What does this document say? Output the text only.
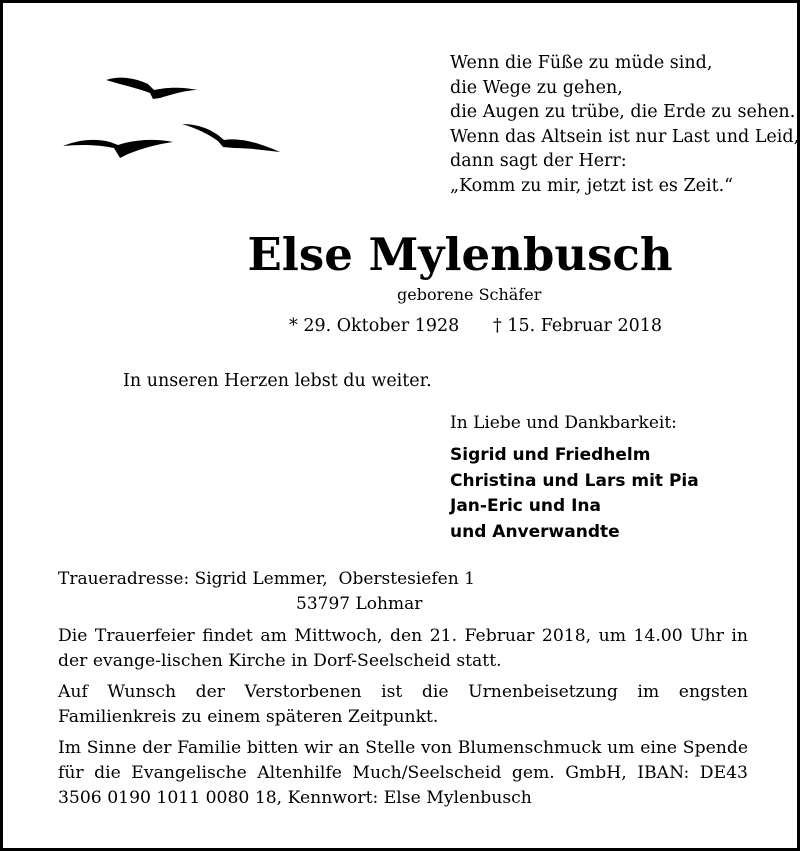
Wenn die Füße zu müde sind,
die Wege zu gehen,
die Augen zu trübe, die Erde zu sehen.
Wenn das Altsein ist nur Last und Leid,
dann sagt der Herr:
„Komm zu mir, jetzt ist es Zeit.“
Else Mylenbusch
geborene Schäfer
* 29. Oktober 1928 † 15. Februar 2018
In unseren Herzen lebst du weiter.
In Liebe und Dankbarkeit:
Sigrid und Friedhelm
Christina und Lars mit Pia
Jan-Eric und Ina
und Anverwandte
Traueradresse: Sigrid Lemmer,  Oberstesiefen 1
53797 Lohmar
Die Trauerfeier findet am Mittwoch, den 21. Februar 2018, um 14.00 Uhr in der evange-lischen Kirche in Dorf-Seelscheid statt.
Auf Wunsch der Verstorbenen ist die Urnenbeisetzung im engsten Familienkreis zu einem späteren Zeitpunkt.
Im Sinne der Familie bitten wir an Stelle von Blumenschmuck um eine Spende für die Evangelische Altenhilfe Much/Seelscheid gem. GmbH, IBAN: DE43 3506 0190 1011 0080 18, Kennwort: Else Mylenbusch
